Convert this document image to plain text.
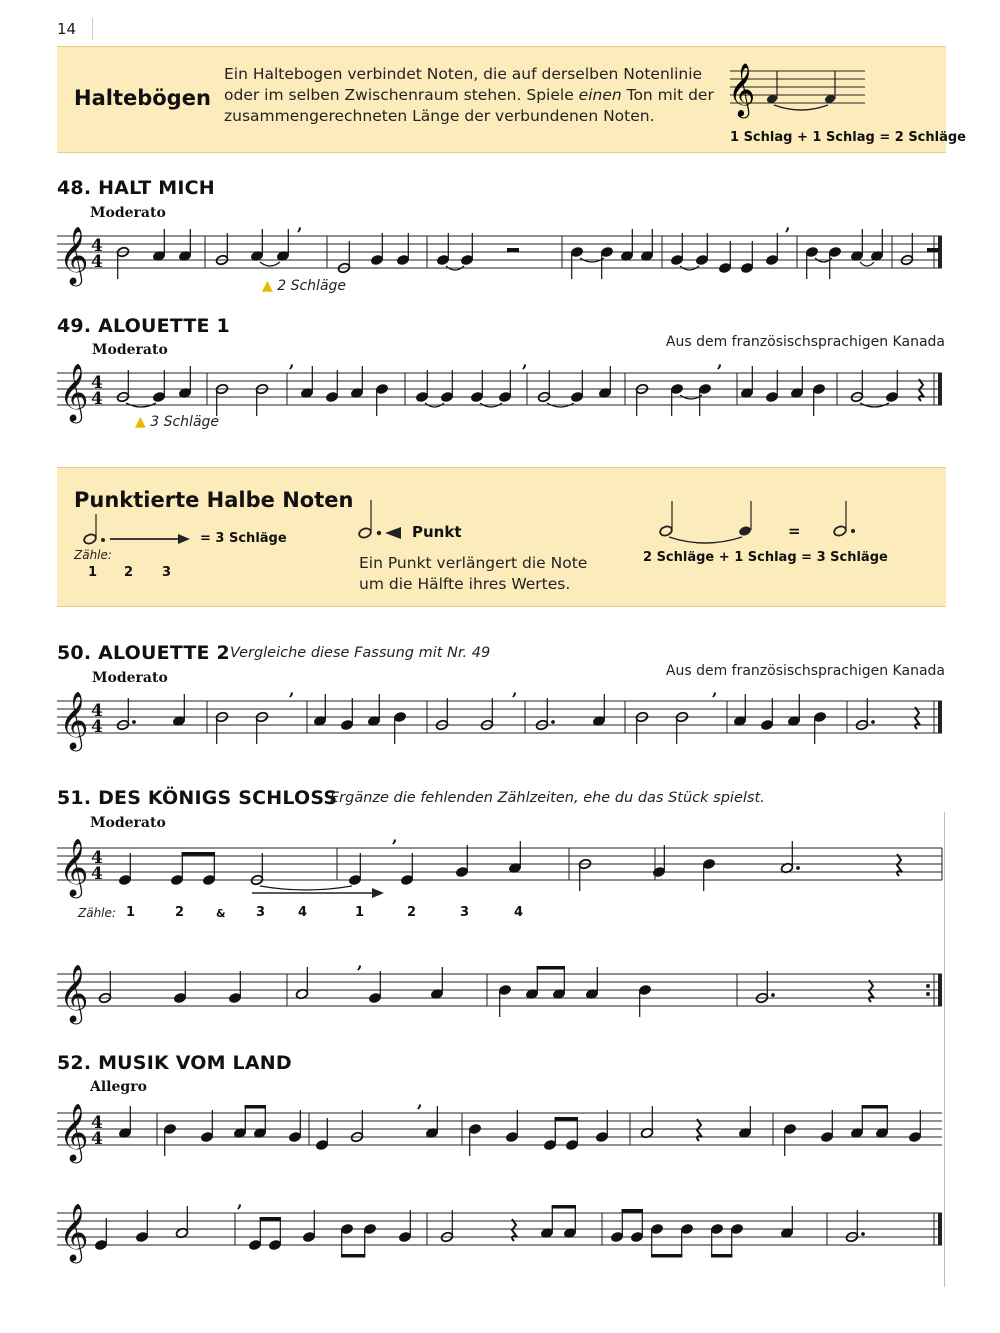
14
Haltebögen
Ein Haltebogen verbindet Noten, die auf derselben Notenlinie
oder im selben Zwischenraum stehen. Spiele einen Ton mit der
zusammengerechneten Länge der verbundenen Noten.	𝄞
1 Schlag + 1 Schlag = 2 Schläge
48. HALT MICH
Moderato
𝄞 4
4
,	,
▲ 2 Schläge
49. ALOUETTE 1
Aus dem französischsprachigen Kanada
Moderato
𝄞 4
4
,	,	,
▲ 3 Schläge
Punktierte Halbe Noten
= 3 Schläge
Zähle:
1 2 3
Punkt
Ein Punkt verlängert die Note
um die Hälfte ihres Wertes.
=
2 Schläge + 1 Schlag = 3 Schläge
50. ALOUETTE 2 Vergleiche diese Fassung mit Nr. 49
Aus dem französischsprachigen Kanada
Moderato
𝄞 4
4
,	,	,
51. DES KÖNIGS SCHLOSS
Ergänze die fehlenden Zählzeiten, ehe du das Stück spielst.
Moderato
𝄞 4
4
,
Zähle: 1	2	& 3	4	1	2	3	4
𝄞
,
52. MUSIK VOM LAND
Allegro
𝄞 4
4
,
𝄞
,
